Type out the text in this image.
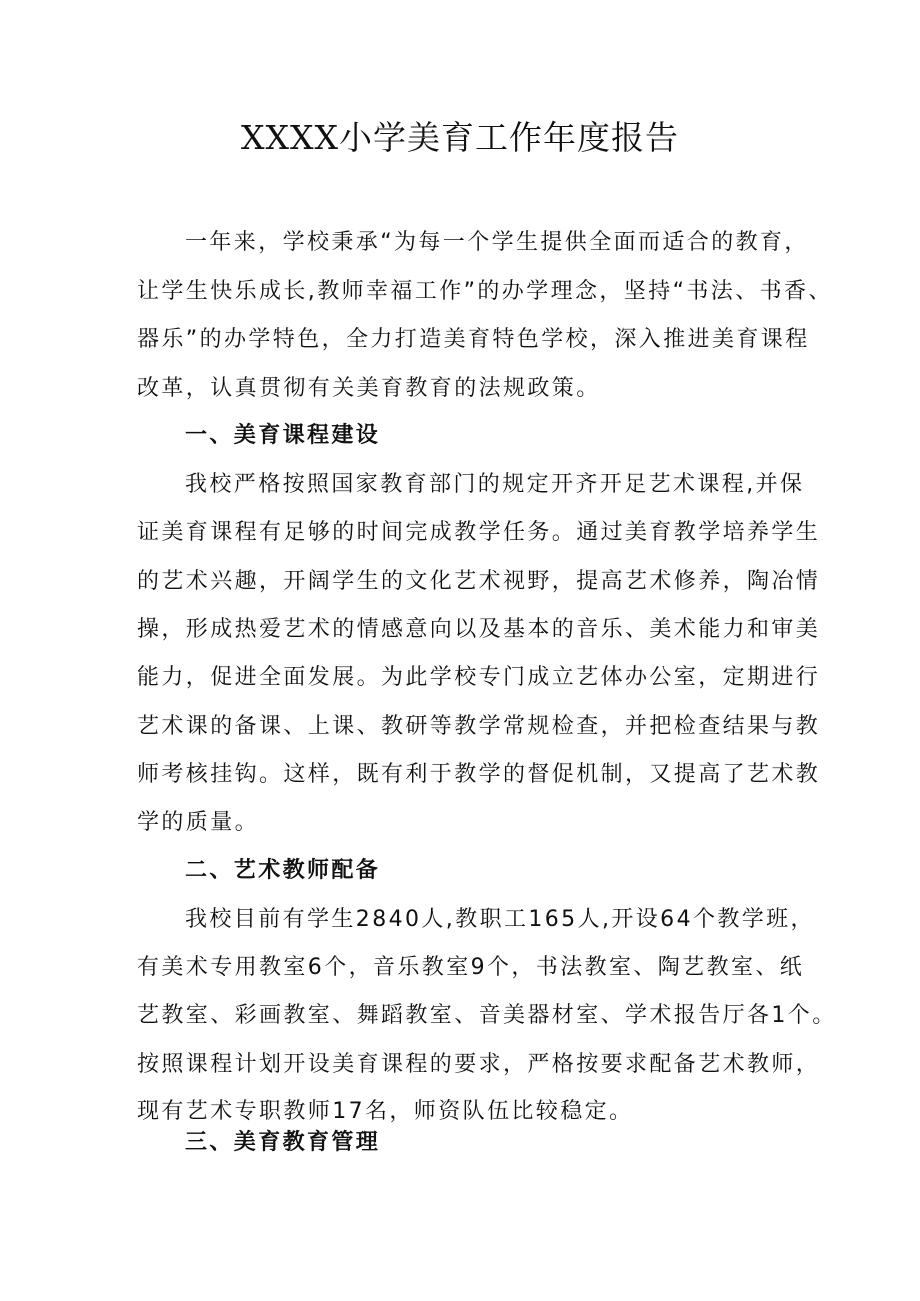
XXXX小学美育工作年度报告

一年来，学校秉承“为每一个学生提供全面而适合的教育，

让学生快乐成长,教师幸福工作”的办学理念，坚持“书法、书香、

器乐”的办学特色，全力打造美育特色学校，深入推进美育课程

改革，认真贯彻有关美育教育的法规政策。

一、美育课程建设

我校严格按照国家教育部门的规定开齐开足艺术课程,并保

证美育课程有足够的时间完成教学任务。通过美育教学培养学生

的艺术兴趣，开阔学生的文化艺术视野，提高艺术修养，陶冶情

操，形成热爱艺术的情感意向以及基本的音乐、美术能力和审美

能力，促进全面发展。为此学校专门成立艺体办公室，定期进行

艺术课的备课、上课、教研等教学常规检查，并把检查结果与教

师考核挂钩。这样，既有利于教学的督促机制，又提高了艺术教

学的质量。

二、艺术教师配备

我校目前有学生2840人,教职工165人,开设64个教学班，

有美术专用教室6个，音乐教室9个，书法教室、陶艺教室、纸

艺教室、彩画教室、舞蹈教室、音美器材室、学术报告厅各1个。

按照课程计划开设美育课程的要求，严格按要求配备艺术教师，

现有艺术专职教师17名，师资队伍比较稳定。

三、美育教育管理
